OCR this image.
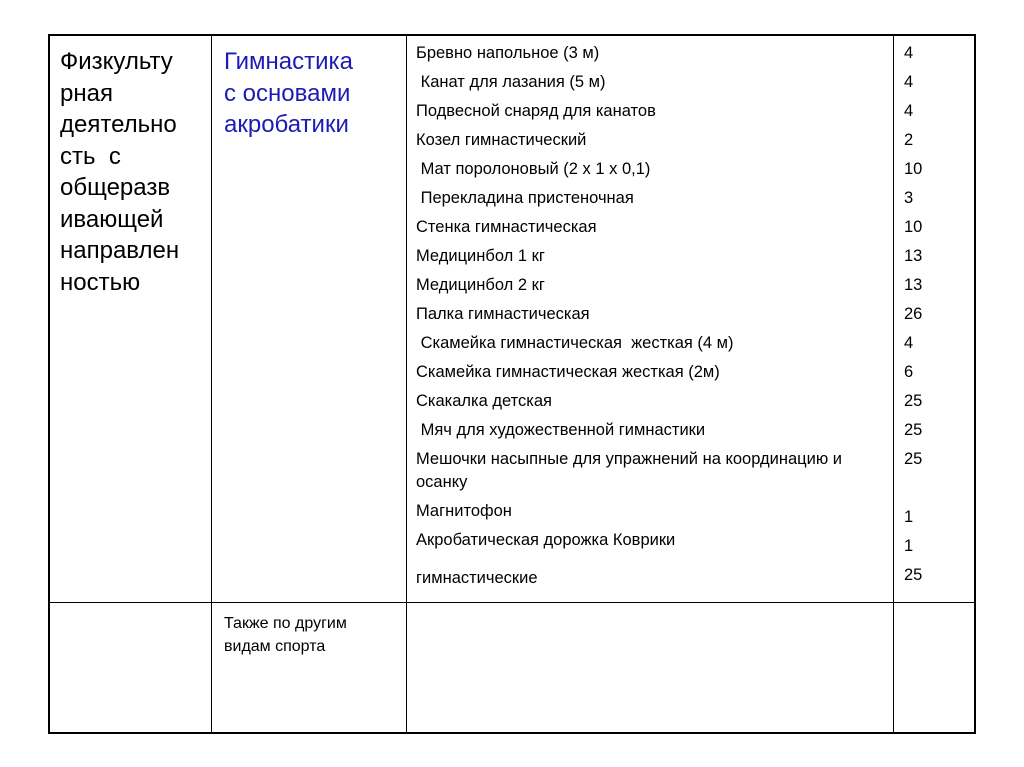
Физкульту
рная
деятельно
сть  с
общеразв
ивающей
направлен
ностью
Гимнастика
с основами
акробатики
Бревно напольное (3 м)
Канат для лазания (5 м)
Подвесной снаряд для канатов
Козел гимнастический
Мат поролоновый (2 х 1 х 0,1)
Перекладина пристеночная
Стенка гимнастическая
Медицинбол 1 кг
Медицинбол 2 кг
Палка гимнастическая
Скамейка гимнастическая  жесткая (4 м)
Скамейка гимнастическая жесткая (2м)
Скакалка детская
Мяч для художественной гимнастики
Мешочки насыпные для упражнений на координацию и осанку
Магнитофон
Акробатическая дорожка Коврики
гимнастические
4
4
4
2
10
3
10
13
13
26
4
6
25
25
25
1
1
25
Также по другим
видам спорта
